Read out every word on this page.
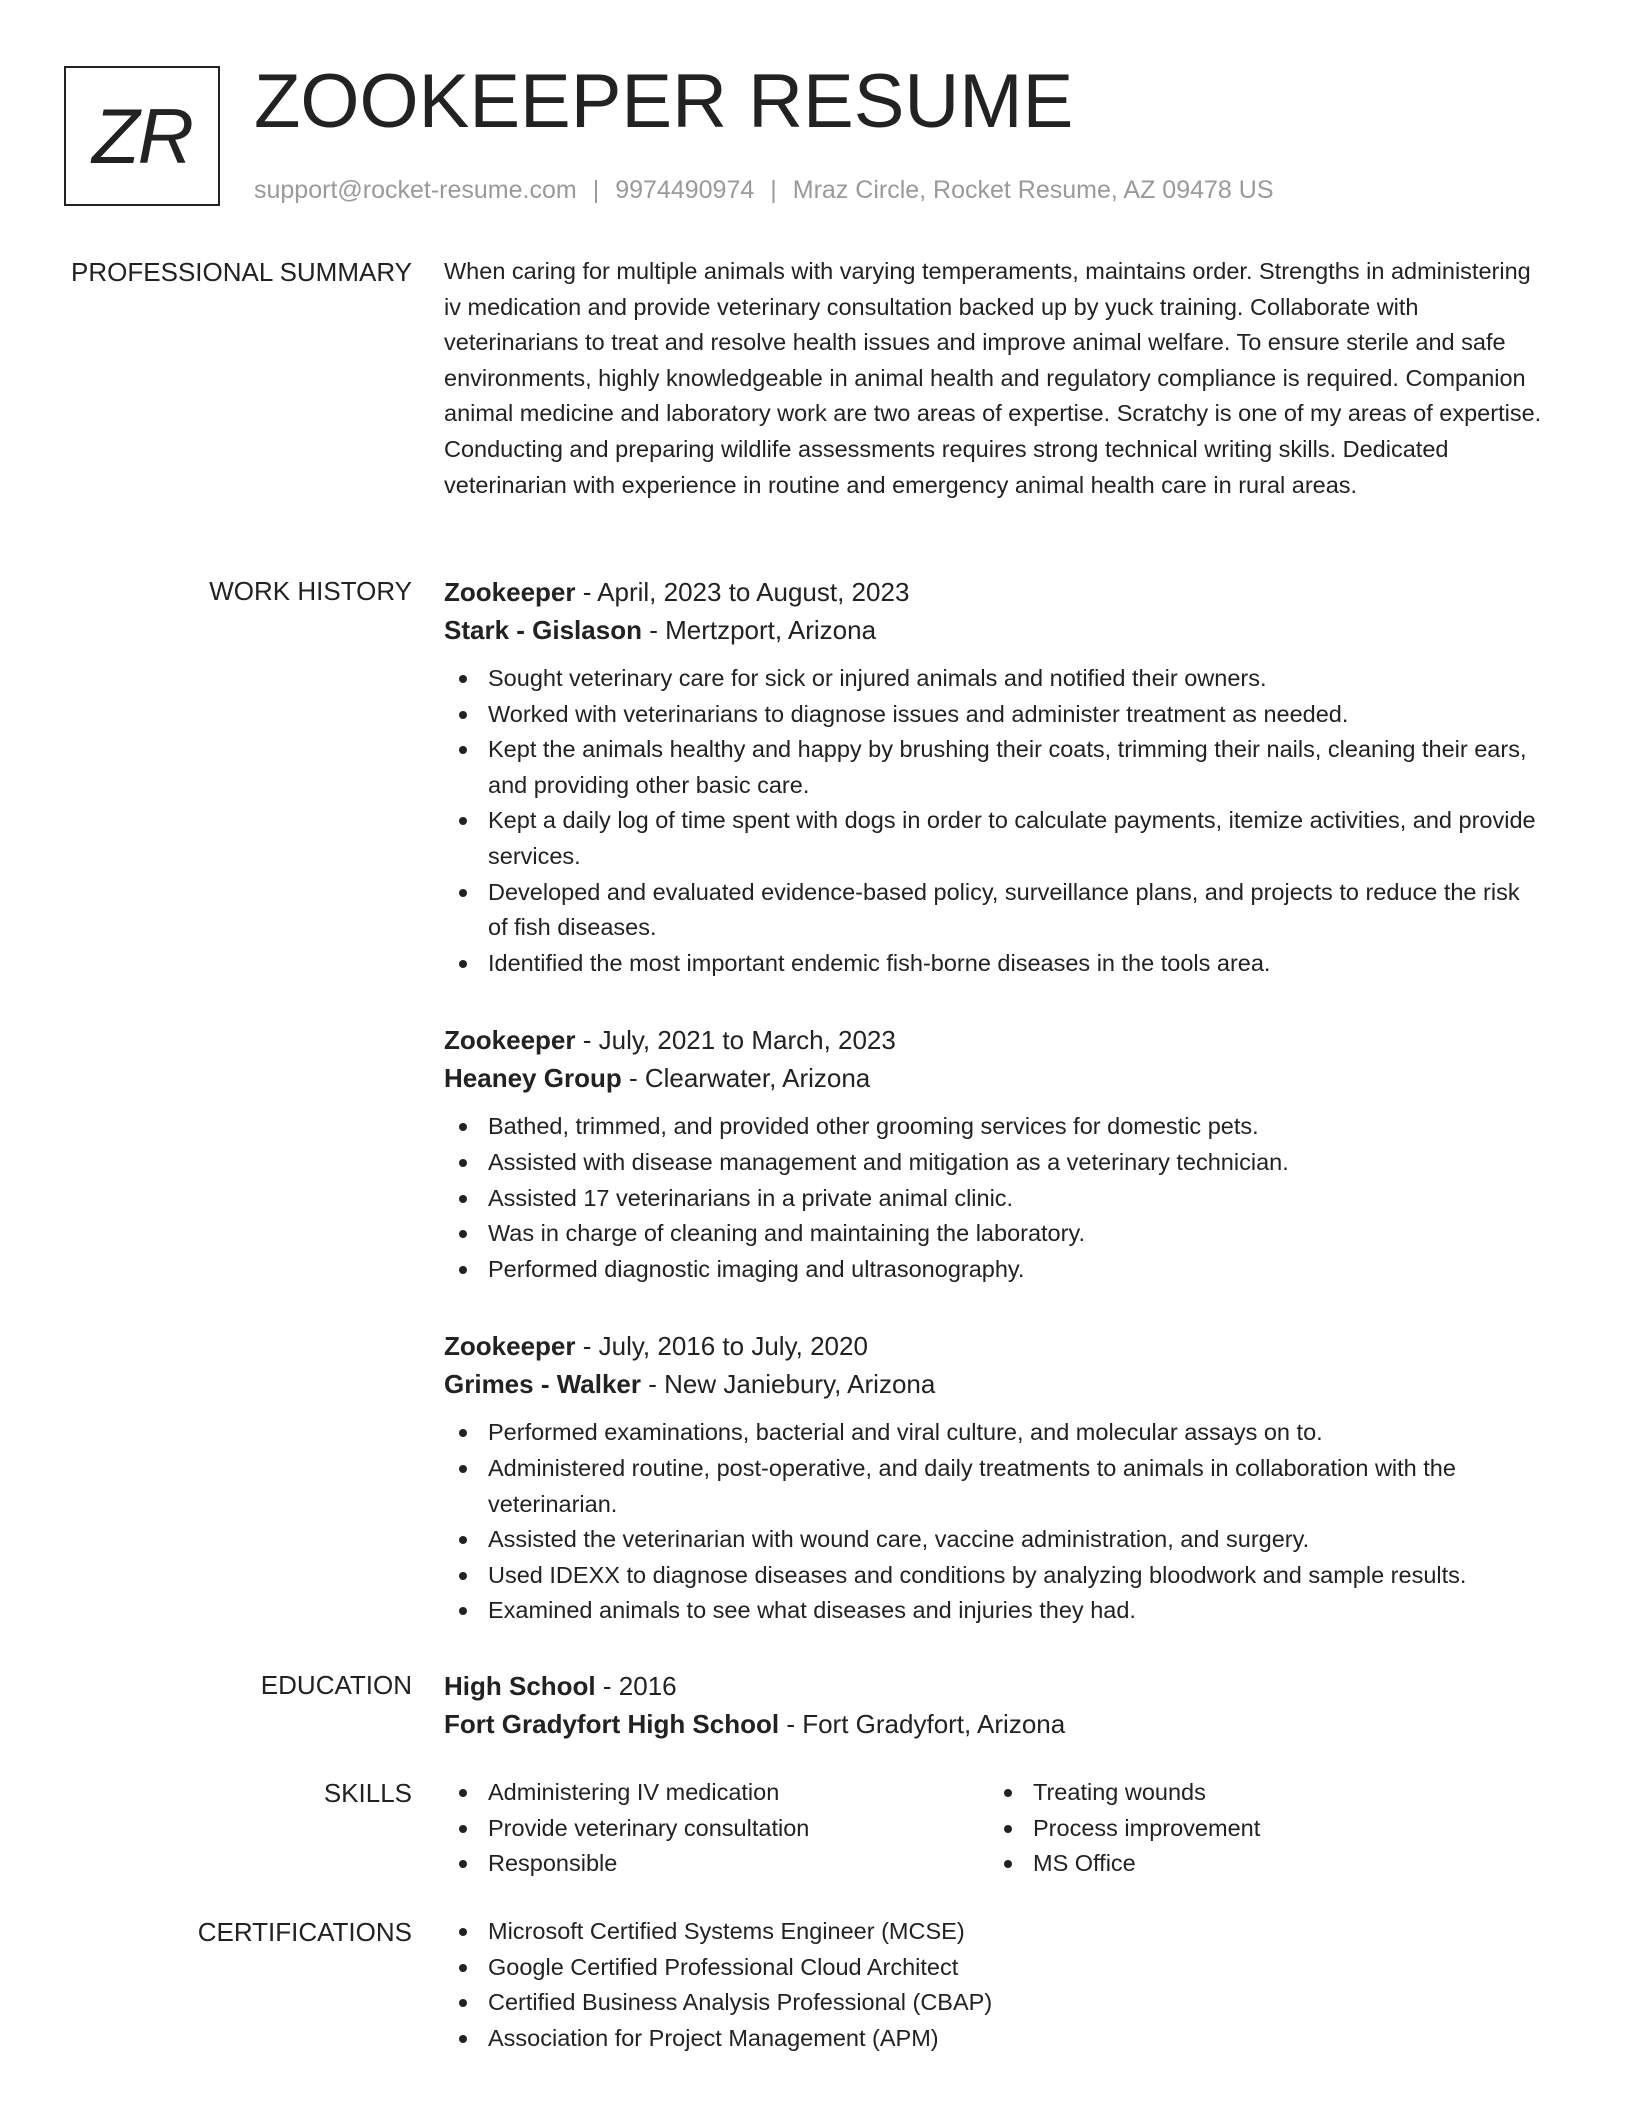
ZR ZOOKEEPER RESUME
support@rocket-resume.com | 9974490974 | Mraz Circle, Rocket Resume, AZ 09478 US
PROFESSIONAL SUMMARY When caring for multiple animals with varying temperaments, maintains order. Strengths in administering iv medication and provide veterinary consultation backed up by yuck training. Collaborate with veterinarians to treat and resolve health issues and improve animal welfare. To ensure sterile and safe environments, highly knowledgeable in animal health and regulatory compliance is required. Companion animal medicine and laboratory work are two areas of expertise. Scratchy is one of my areas of expertise. Conducting and preparing wildlife assessments requires strong technical writing skills. Dedicated veterinarian with experience in routine and emergency animal health care in rural areas.

WORK HISTORY Zookeeper - April, 2023 to August, 2023

Stark - Gislason - Mertzport, Arizona

Sought veterinary care for sick or injured animals and notified their owners.
Worked with veterinarians to diagnose issues and administer treatment as needed.
Kept the animals healthy and happy by brushing their coats, trimming their nails, cleaning their ears, and providing other basic care.
Kept a daily log of time spent with dogs in order to calculate payments, itemize activities, and provide services.
Developed and evaluated evidence-based policy, surveillance plans, and projects to reduce the risk of fish diseases.
Identified the most important endemic fish-borne diseases in the tools area.

Zookeeper - July, 2021 to March, 2023

Heaney Group - Clearwater, Arizona

Bathed, trimmed, and provided other grooming services for domestic pets.
Assisted with disease management and mitigation as a veterinary technician.
Assisted 17 veterinarians in a private animal clinic.
Was in charge of cleaning and maintaining the laboratory.
Performed diagnostic imaging and ultrasonography.

Zookeeper - July, 2016 to July, 2020

Grimes - Walker - New Janiebury, Arizona

Performed examinations, bacterial and viral culture, and molecular assays on to.
Administered routine, post-operative, and daily treatments to animals in collaboration with the veterinarian.
Assisted the veterinarian with wound care, vaccine administration, and surgery.
Used IDEXX to diagnose diseases and conditions by analyzing bloodwork and sample results.
Examined animals to see what diseases and injuries they had.
EDUCATION High School - 2016

Fort Gradyfort High School - Fort Gradyfort, Arizona

SKILLS	Administering IV medication
Provide veterinary consultation
Responsible
Treating wounds
Process improvement
MS Office
CERTIFICATIONS	Microsoft Certified Systems Engineer (MCSE)
Google Certified Professional Cloud Architect
Certified Business Analysis Professional (CBAP)
Association for Project Management (APM)
